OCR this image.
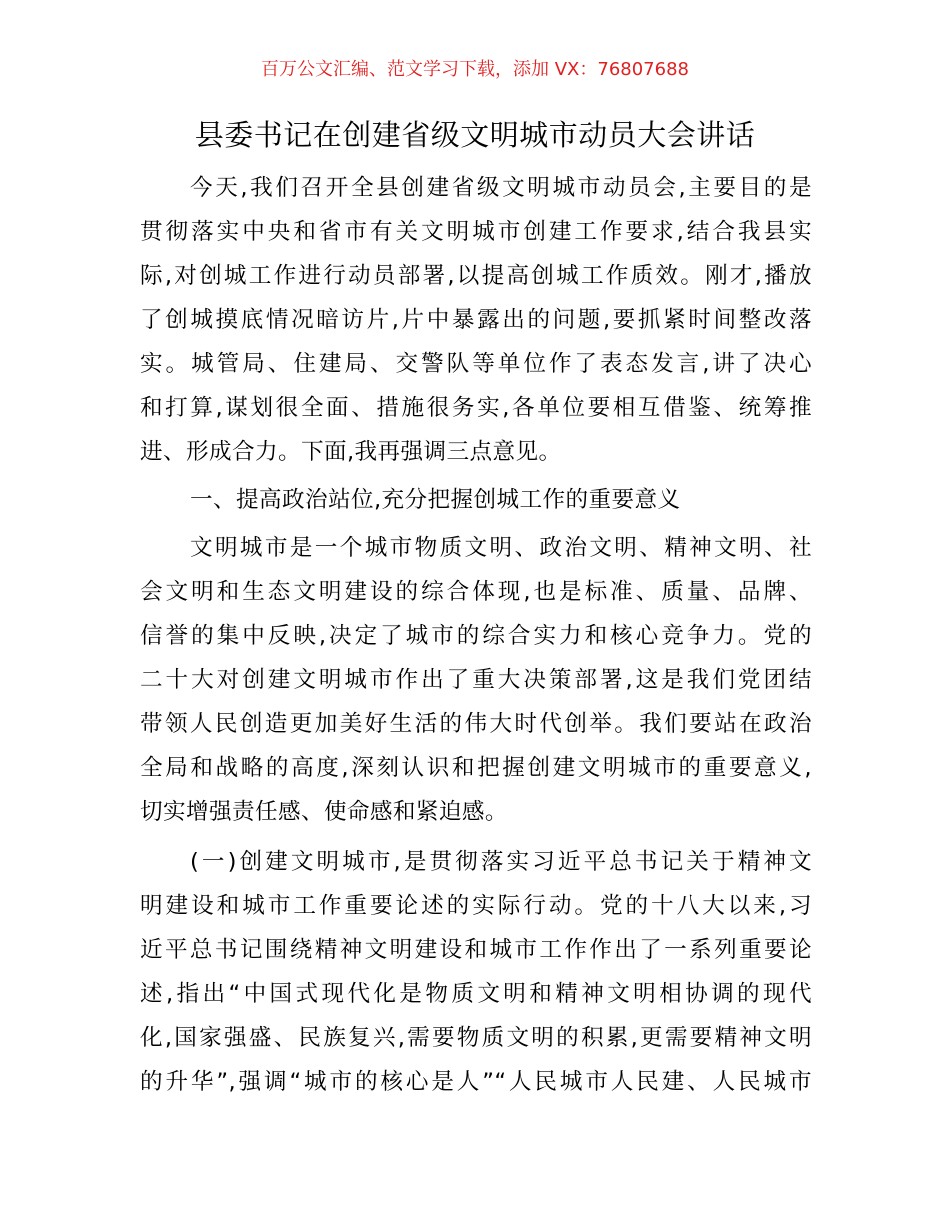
百万公文汇编、范文学习下载，添加 VX：76807688
县委书记在创建省级文明城市动员大会讲话
今天,我们召开全县创建省级文明城市动员会,主要目的是
贯彻落实中央和省市有关文明城市创建工作要求,结合我县实
际,对创城工作进行动员部署,以提高创城工作质效。刚才,播放
了创城摸底情况暗访片,片中暴露出的问题,要抓紧时间整改落
实。城管局、住建局、交警队等单位作了表态发言,讲了决心
和打算,谋划很全面、措施很务实,各单位要相互借鉴、统筹推
进、形成合力。下面,我再强调三点意见。
一、提高政治站位,充分把握创城工作的重要意义
文明城市是一个城市物质文明、政治文明、精神文明、社
会文明和生态文明建设的综合体现,也是标准、质量、品牌、
信誉的集中反映,决定了城市的综合实力和核心竞争力。党的
二十大对创建文明城市作出了重大决策部署,这是我们党团结
带领人民创造更加美好生活的伟大时代创举。我们要站在政治
全局和战略的高度,深刻认识和把握创建文明城市的重要意义,
切实增强责任感、使命感和紧迫感。
(一)创建文明城市,是贯彻落实习近平总书记关于精神文
明建设和城市工作重要论述的实际行动。党的十八大以来,习
近平总书记围绕精神文明建设和城市工作作出了一系列重要论
述,指出“中国式现代化是物质文明和精神文明相协调的现代
化,国家强盛、民族复兴,需要物质文明的积累,更需要精神文明
的升华”,强调“城市的核心是人”“人民城市人民建、人民城市
